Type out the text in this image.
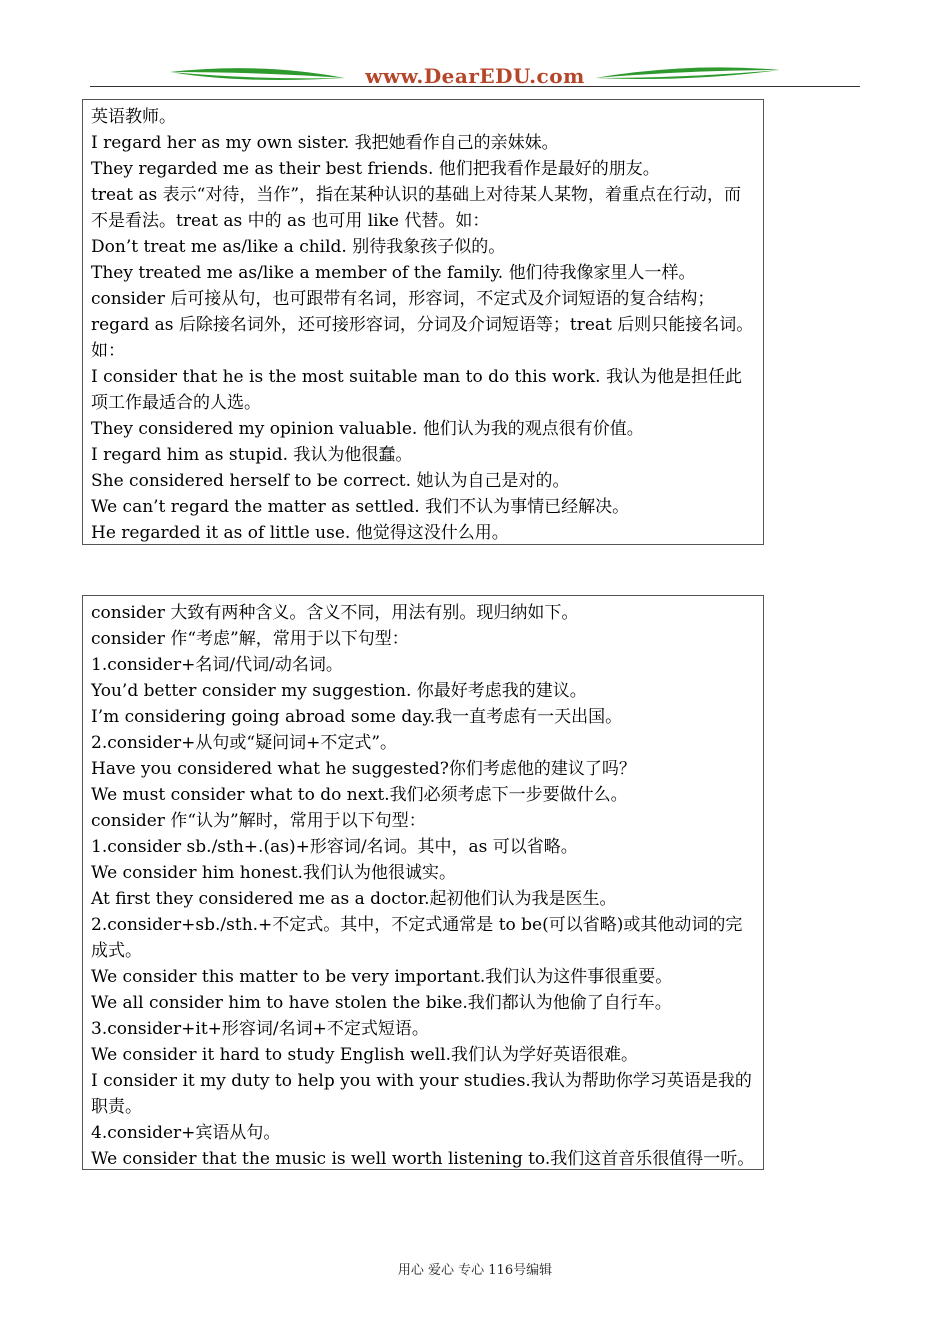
www.DearEDU.com
英语教师。
I regard her as my own sister. 我把她看作自己的亲妹妹。
They regarded me as their best friends. 他们把我看作是最好的朋友。
treat as 表示“对待，当作”，指在某种认识的基础上对待某人某物，着重点在行动，而不是看法。treat as 中的 as 也可用 like 代替。如：
Don’t treat me as/like a child. 别待我象孩子似的。
They treated me as/like a member of the family. 他们待我像家里人一样。
consider 后可接从句，也可跟带有名词，形容词，不定式及介词短语的复合结构；regard as 后除接名词外，还可接形容词，分词及介词短语等；treat 后则只能接名词。如：
I consider that he is the most suitable man to do this work. 我认为他是担任此项工作最适合的人选。
They considered my opinion valuable. 他们认为我的观点很有价值。
I regard him as stupid. 我认为他很蠢。
She considered herself to be correct. 她认为自己是对的。
We can’t regard the matter as settled. 我们不认为事情已经解决。
He regarded it as of little use. 他觉得这没什么用。
consider 大致有两种含义。含义不同，用法有别。现归纳如下。
consider 作“考虑”解，常用于以下句型：
1.consider+名词/代词/动名词。
You’d better consider my suggestion. 你最好考虑我的建议。
I’m considering going abroad some day.我一直考虑有一天出国。
2.consider+从句或“疑问词+不定式”。
Have you considered what he suggested?你们考虑他的建议了吗？
We must consider what to do next.我们必须考虑下一步要做什么。
consider 作“认为”解时，常用于以下句型：
1.consider sb./sth+.(as)+形容词/名词。其中，as 可以省略。
We consider him honest.我们认为他很诚实。
At first they considered me as a doctor.起初他们认为我是医生。
2.consider+sb./sth.+不定式。其中，不定式通常是 to be(可以省略)或其他动词的完成式。
We consider this matter to be very important.我们认为这件事很重要。
We all consider him to have stolen the bike.我们都认为他偷了自行车。
3.consider+it+形容词/名词+不定式短语。
We consider it hard to study English well.我们认为学好英语很难。
I consider it my duty to help you with your studies.我认为帮助你学习英语是我的职责。
4.consider+宾语从句。
We consider that the music is well worth listening to.我们这首音乐很值得一听。
用心 爱心 专心 116号编辑
